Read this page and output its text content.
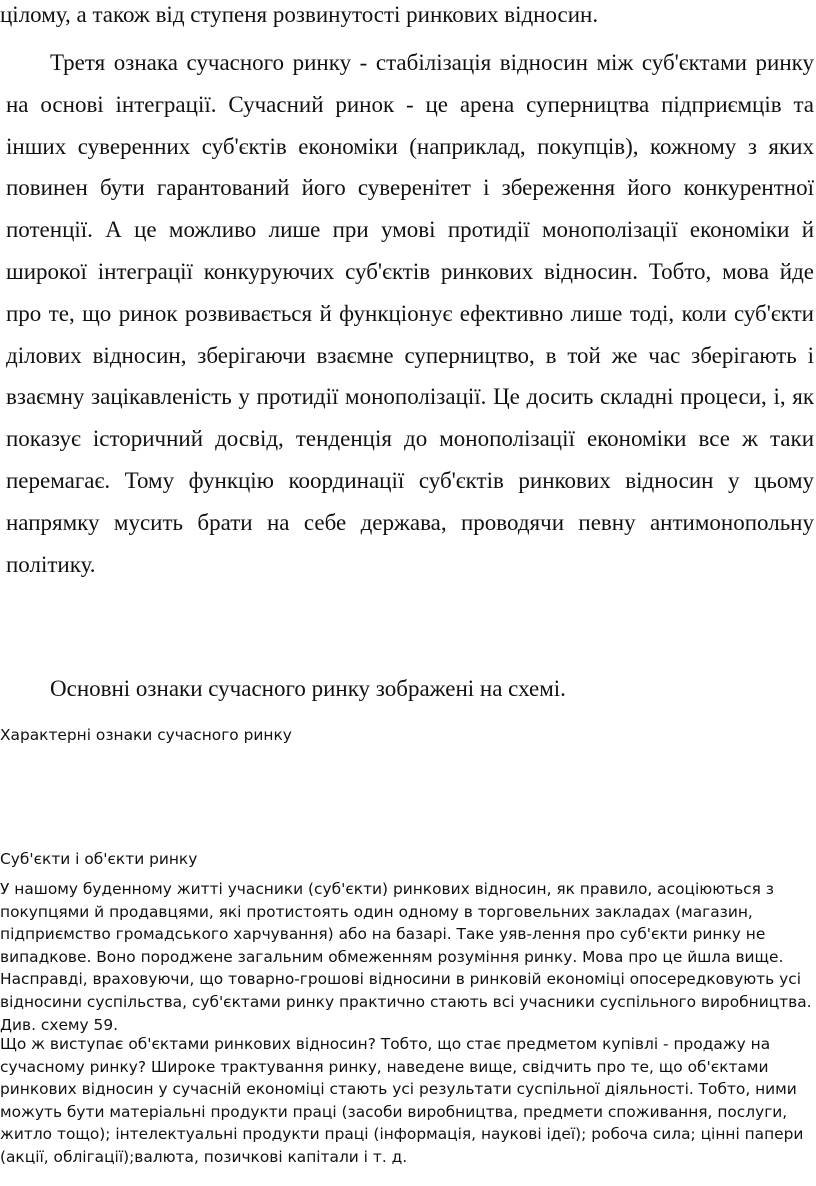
цілому, а також від ступеня розвинутості ринкових відносин.

Третя ознака сучасного ринку - стабілізація відносин між суб'єктами ринку на основі інтеграції. Сучасний ринок - це арена суперництва підприємців та інших суверенних суб'єктів економіки (наприклад, покупців), кожному з яких повинен бути гарантований його суверенітет і збереження його конкурентної потенції. А це можливо лише при умові протидії монополізації економіки й широкої інтеграції конкуруючих суб'єктів ринкових відносин. Тобто, мова йде про те, що ринок розвивається й функціонує ефективно лише тоді, коли суб'єкти ділових відносин, зберігаючи взаємне суперництво, в той же час зберігають і взаємну зацікавленість у протидії монополізації. Це досить складні процеси, і, як показує історичний досвід, тенденція до монополізації економіки все ж таки перемагає. Тому функцію координації суб'єктів ринкових відносин у цьому напрямку мусить брати на себе держава, проводячи певну антимонопольну політику.

Основні ознаки сучасного ринку зображені на схемі.
Характерні ознаки сучасного ринку
Суб'єкти і об'єкти ринку

У нашому буденному житті учасники (суб'єкти) ринкових відносин, як правило, асоціюються з покупцями й продавцями, які протистоять один одному в торговельних закладах (магазин, підприємство громадського харчування) або на базарі. Таке уяв-лення про суб'єкти ринку не випадкове. Воно породжене загальним обмеженням розуміння ринку. Мова про це йшла вище. Насправді, враховуючи, що товарно-грошові відносини в ринковій економіці опосередковують усі відносини суспільства, суб'єктами ринку практично стають всі учасники суспільного виробництва. Див. схему 59.

Що ж виступає об'єктами ринкових відносин? Тобто, що стає предметом купівлі - продажу на сучасному ринку? Широке трактування ринку, наведене вище, свідчить про те, що об'єктами ринкових відносин у сучасній економіці стають усі результати суспільної діяльності. Тобто, ними можуть бути матеріальні продукти праці (засоби виробництва, предмети споживання, послуги, житло тощо); інтелектуальні продукти праці (інформація, наукові ідеї); робоча сила; цінні папери (акції, облігації);валюта, позичкові капітали і т. д.
